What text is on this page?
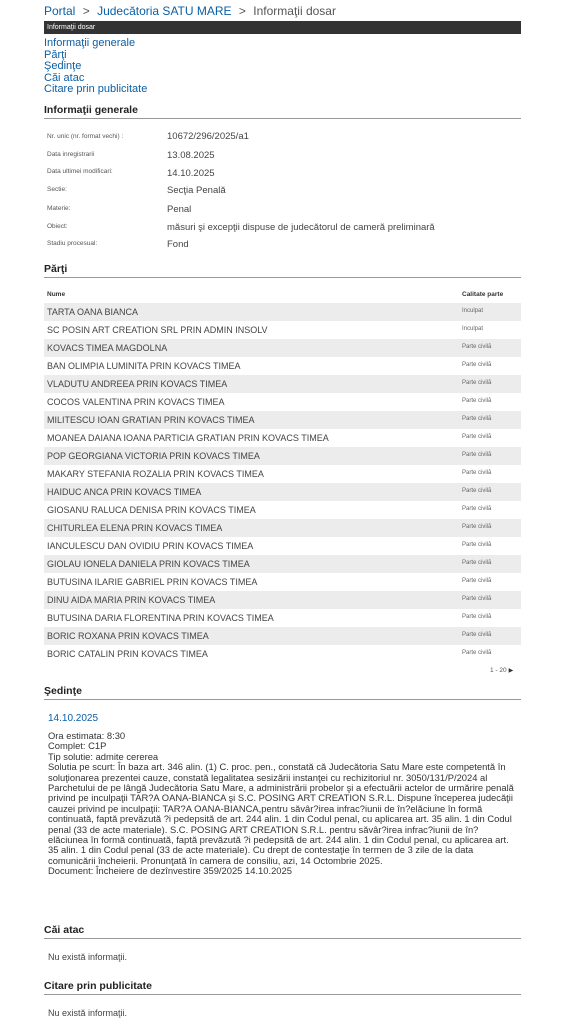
Portal > Judecătoria SATU MARE > Informaţii dosar
Informaţii dosar
Informaţii generale
Părţi
Şedinţe
Căi atac
Citare prin publicitate
Informaţii generale
Nr. unic (nr. format vechi) :	10672/296/2025/a1
Data inregistrarii	13.08.2025
Data ultimei modificari:	14.10.2025
Sectie:	Secţia Penală
Materie:	Penal
Obiect:	măsuri şi excepţii dispuse de judecătorul de cameră preliminară
Stadiu procesual:	Fond
Părţi
Nume	Calitate parte
TARTA OANA BIANCA	Inculpat
SC POSIN ART CREATION SRL PRIN ADMIN INSOLV	Inculpat
KOVACS TIMEA MAGDOLNA	Parte civilă
BAN OLIMPIA LUMINITA PRIN KOVACS TIMEA	Parte civilă
VLADUTU ANDREEA PRIN KOVACS TIMEA	Parte civilă
COCOS VALENTINA PRIN KOVACS TIMEA	Parte civilă
MILITESCU IOAN GRATIAN PRIN KOVACS TIMEA	Parte civilă
MOANEA DAIANA IOANA PARTICIA GRATIAN PRIN KOVACS TIMEA	Parte civilă
POP GEORGIANA VICTORIA PRIN KOVACS TIMEA	Parte civilă
MAKARY STEFANIA ROZALIA PRIN KOVACS TIMEA	Parte civilă
HAIDUC ANCA PRIN KOVACS TIMEA	Parte civilă
GIOSANU RALUCA DENISA PRIN KOVACS TIMEA	Parte civilă
CHITURLEA ELENA PRIN KOVACS TIMEA	Parte civilă
IANCULESCU DAN OVIDIU PRIN KOVACS TIMEA	Parte civilă
GIOLAU IONELA DANIELA PRIN KOVACS TIMEA	Parte civilă
BUTUSINA ILARIE GABRIEL PRIN KOVACS TIMEA	Parte civilă
DINU AIDA MARIA PRIN KOVACS TIMEA	Parte civilă
BUTUSINA DARIA FLORENTINA PRIN KOVACS TIMEA	Parte civilă
BORIC ROXANA PRIN KOVACS TIMEA	Parte civilă
BORIC CATALIN PRIN KOVACS TIMEA	Parte civilă
1 - 20 ▶
Şedinţe
14.10.2025

Ora estimata: 8:30

Complet: C1P

Tip solutie: admite cererea

Solutia pe scurt: În baza art. 346 alin. (1) C. proc. pen., constată că Judecătoria Satu Mare este competentă în soluţionarea prezentei cauze, constată legalitatea sesizării instanţei cu rechizitoriul nr. 3050/131/P/2024 al Parchetului de pe lângă Judecătoria Satu Mare, a administrării probelor şi a efectuării actelor de urmărire penală privind pe inculpaţii TAR?A OANA-BIANCA şi S.C. POSING ART CREATION S.R.L. Dispune începerea judecăţii cauzei privind pe inculpaţii: TAR?A OANA-BIANCA,pentru săvâr?irea infrac?iunii de în?elăciune în formă continuată, faptă prevăzută ?i pedepsită de art. 244 alin. 1 din Codul penal, cu aplicarea art. 35 alin. 1 din Codul penal (33 de acte materiale). S.C. POSING ART CREATION S.R.L. pentru săvâr?irea infrac?iunii de în?elăciunea în formă continuată, faptă prevăzută ?i pedepsită de art. 244 alin. 1 din Codul penal, cu aplicarea art. 35 alin. 1 din Codul penal (33 de acte materiale). Cu drept de contestaţie în termen de 3 zile de la data comunicării încheierii. Pronunţată în camera de consiliu, azi, 14 Octombrie 2025.

Document: Încheiere de dezînvestire 359/2025 14.10.2025

Căi atac
Nu există informaţii.
Citare prin publicitate
Nu există informaţii.
